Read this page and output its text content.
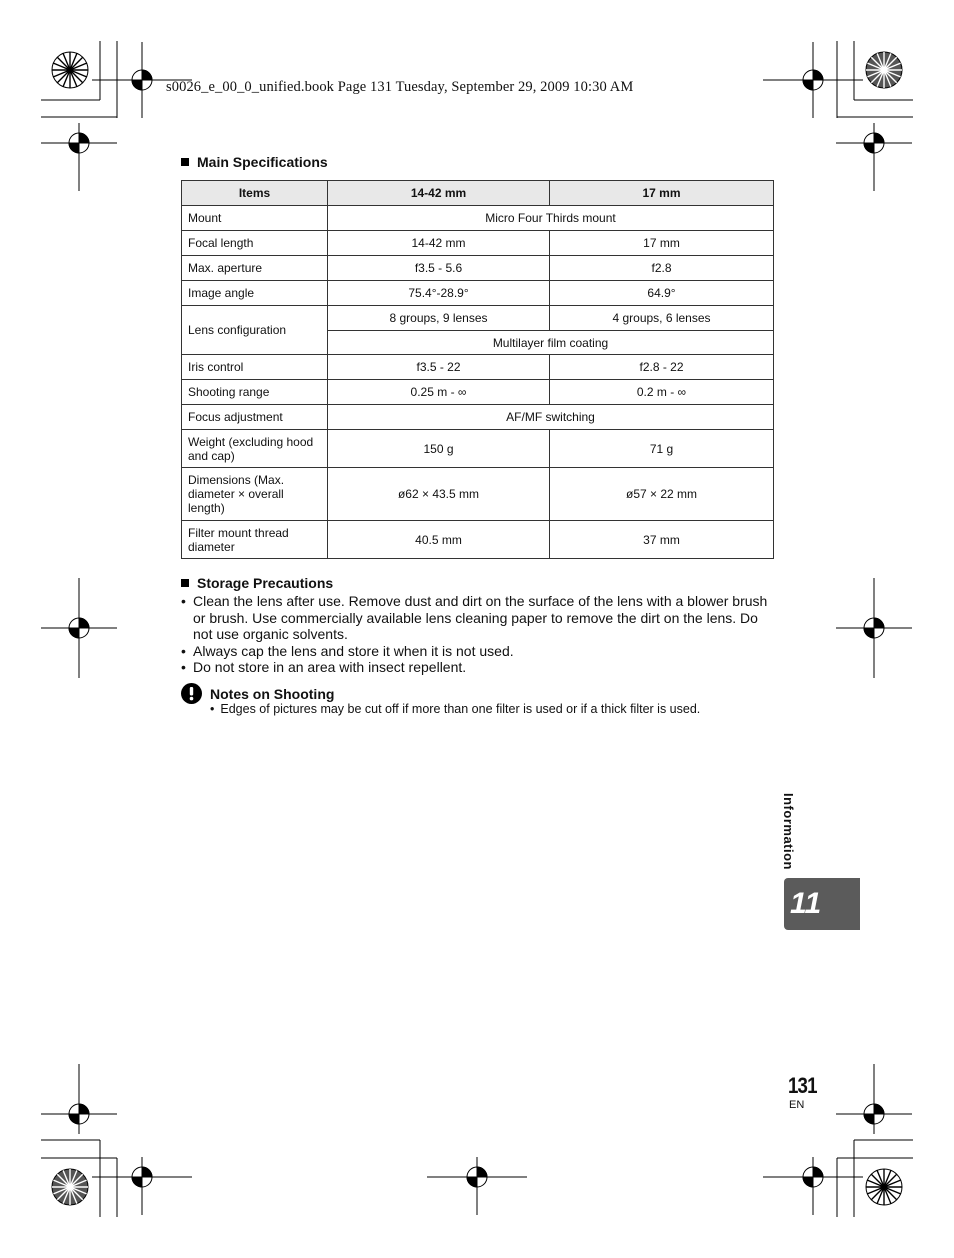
s0026_e_00_0_unified.book Page 131 Tuesday, September 29, 2009 10:30 AM
Main Specifications
Items	14-42 mm	17 mm
Mount	Micro Four Thirds mount	
Focal length	14-42 mm	17 mm
Max. aperture	f3.5 - 5.6	f2.8
Image angle	75.4°-28.9°	64.9°
Lens configuration	8 groups, 9 lenses	4 groups, 6 lenses
	Multilayer film coating	
Iris control	f3.5 - 22	f2.8 - 22
Shooting range	0.25 m - ∞	0.2 m - ∞
Focus adjustment	AF/MF switching	
Weight (excluding hood and cap)	150 g	71 g
Dimensions (Max. diameter × overall length)	ø62 × 43.5 mm	ø57 × 22 mm
Filter mount thread diameter	40.5 mm	37 mm
Storage Precautions
• Clean the lens after use. Remove dust and dirt on the surface of the lens with a blower brush or brush. Use commercially available lens cleaning paper to remove the dirt on the lens. Do not use organic solvents.
• Always cap the lens and store it when it is not used.
• Do not store in an area with insect repellent.
Notes on Shooting
• Edges of pictures may be cut off if more than one filter is used or if a thick filter is used.
Information
11
131
EN
